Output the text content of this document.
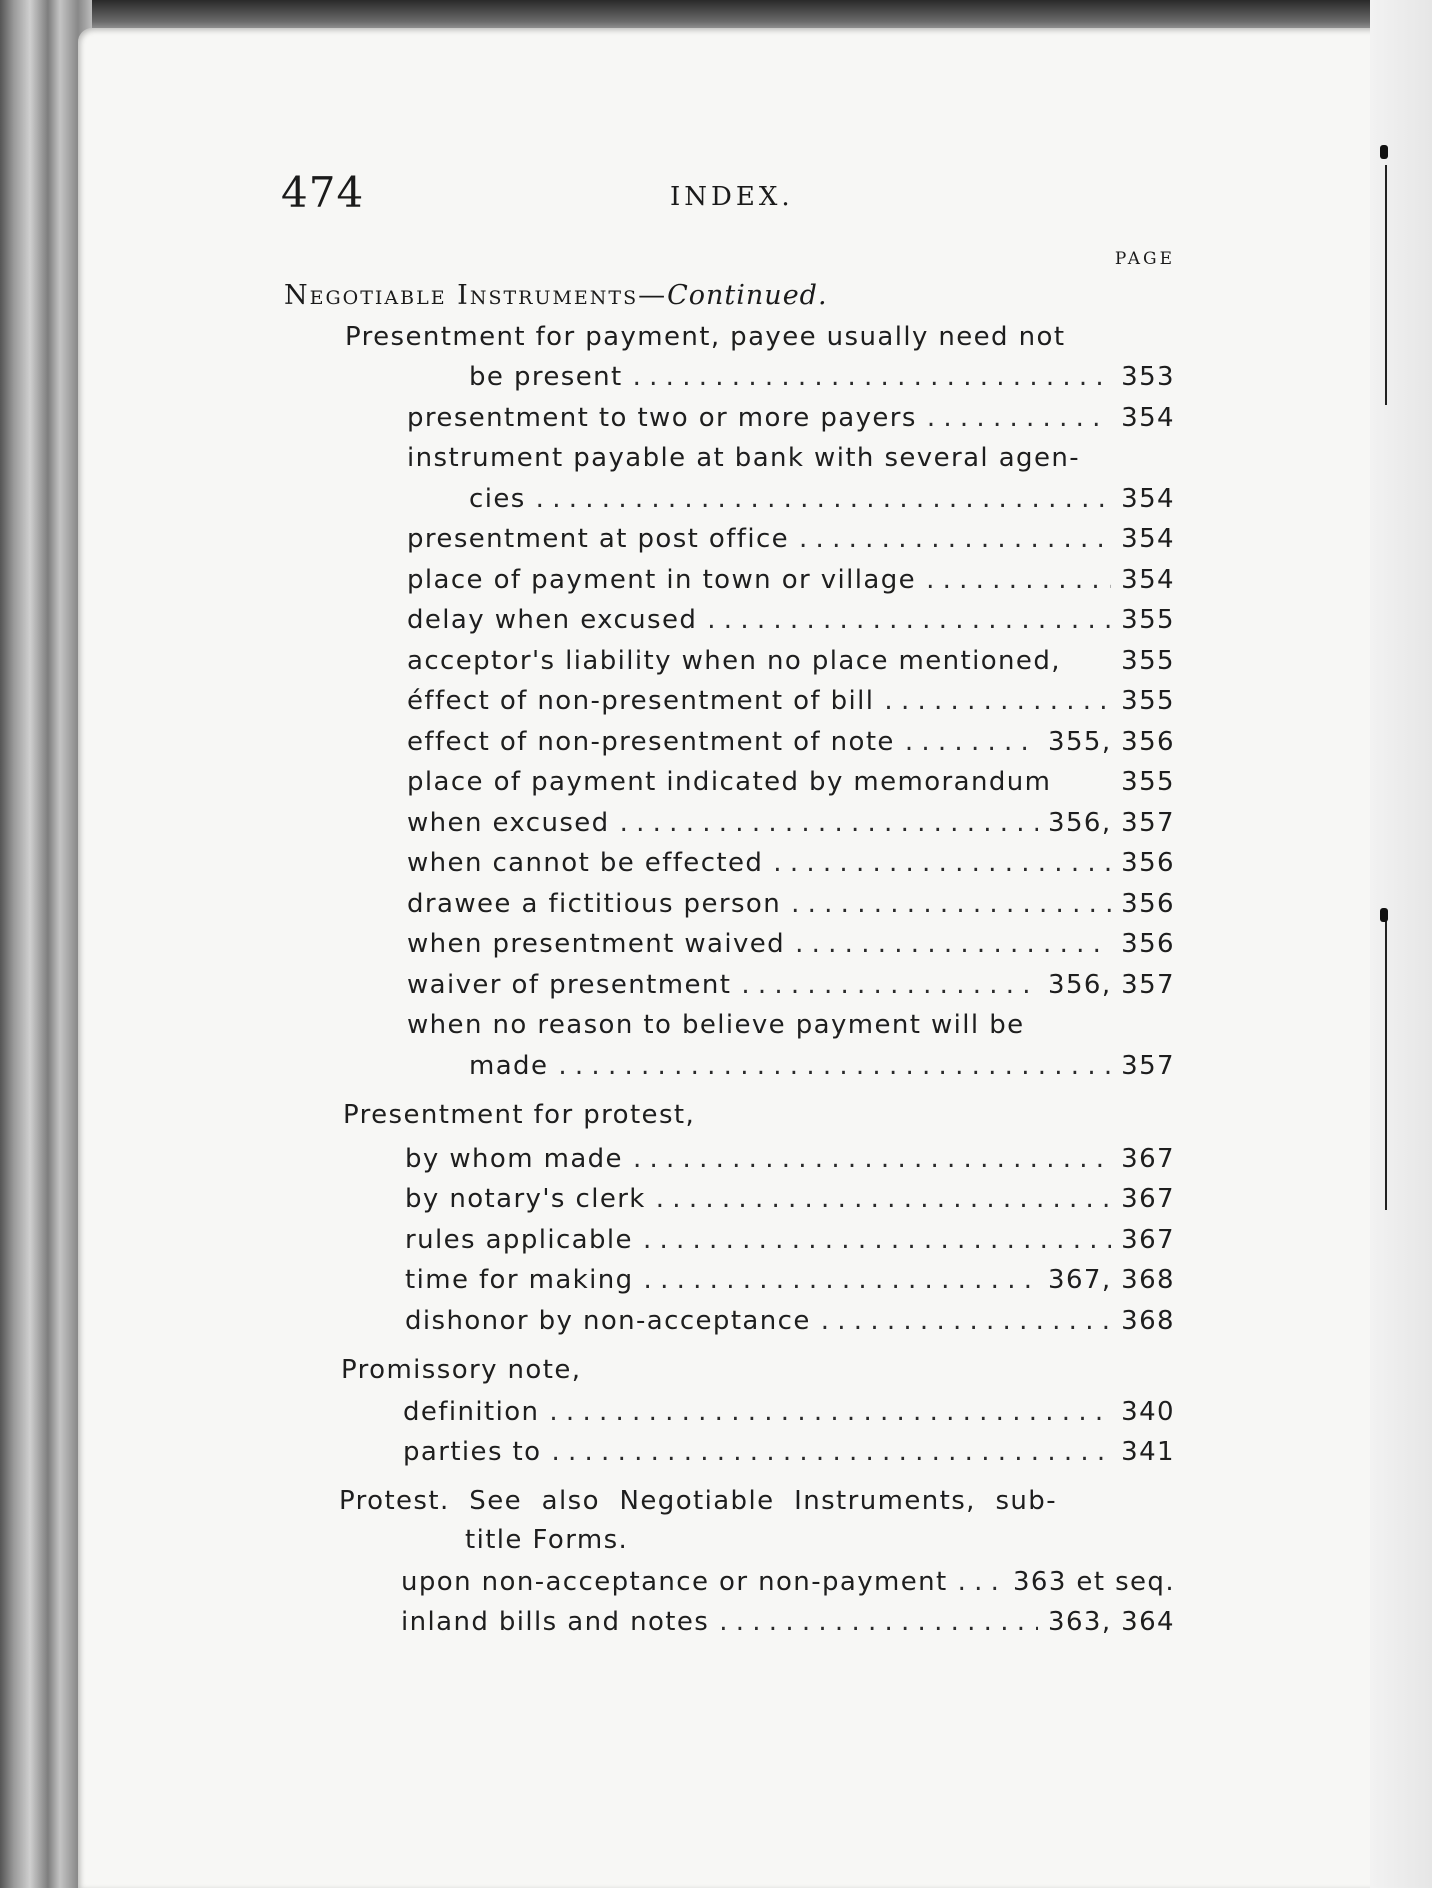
474	INDEX.
PAGE
Negotiable Instruments—Continued.
Presentment for payment, payee usually need not
be present . . .	353
presentment to two or more payers . . .	354
instrument payable at bank with several agen-
cies . . .	354
presentment at post office . . .	354
place of payment in town or village . . .	354
delay when excused . . .	355
acceptor's liability when no place mentioned, 355
éffect of non-presentment of bill . . .	355
effect of non-presentment of note . . .	355, 356
place of payment indicated by memorandum	355
when excused . . .	356, 357
when cannot be effected . . .	356
drawee a fictitious person . . .	356
when presentment waived . . .	356
waiver of presentment . . .	356, 357
when no reason to believe payment will be
made . . .	357
Presentment for protest,
by whom made . . .	367
by notary's clerk . . .	367
rules applicable . . .	367
time for making . . .	367, 368
dishonor by non-acceptance . . .	368
Promissory note,
definition . . .	340
parties to . . .	341
Protest. See also Negotiable Instruments, sub-
title Forms.
upon non-acceptance or non-payment . . .	363 et seq.
inland bills and notes . . .	363, 364
